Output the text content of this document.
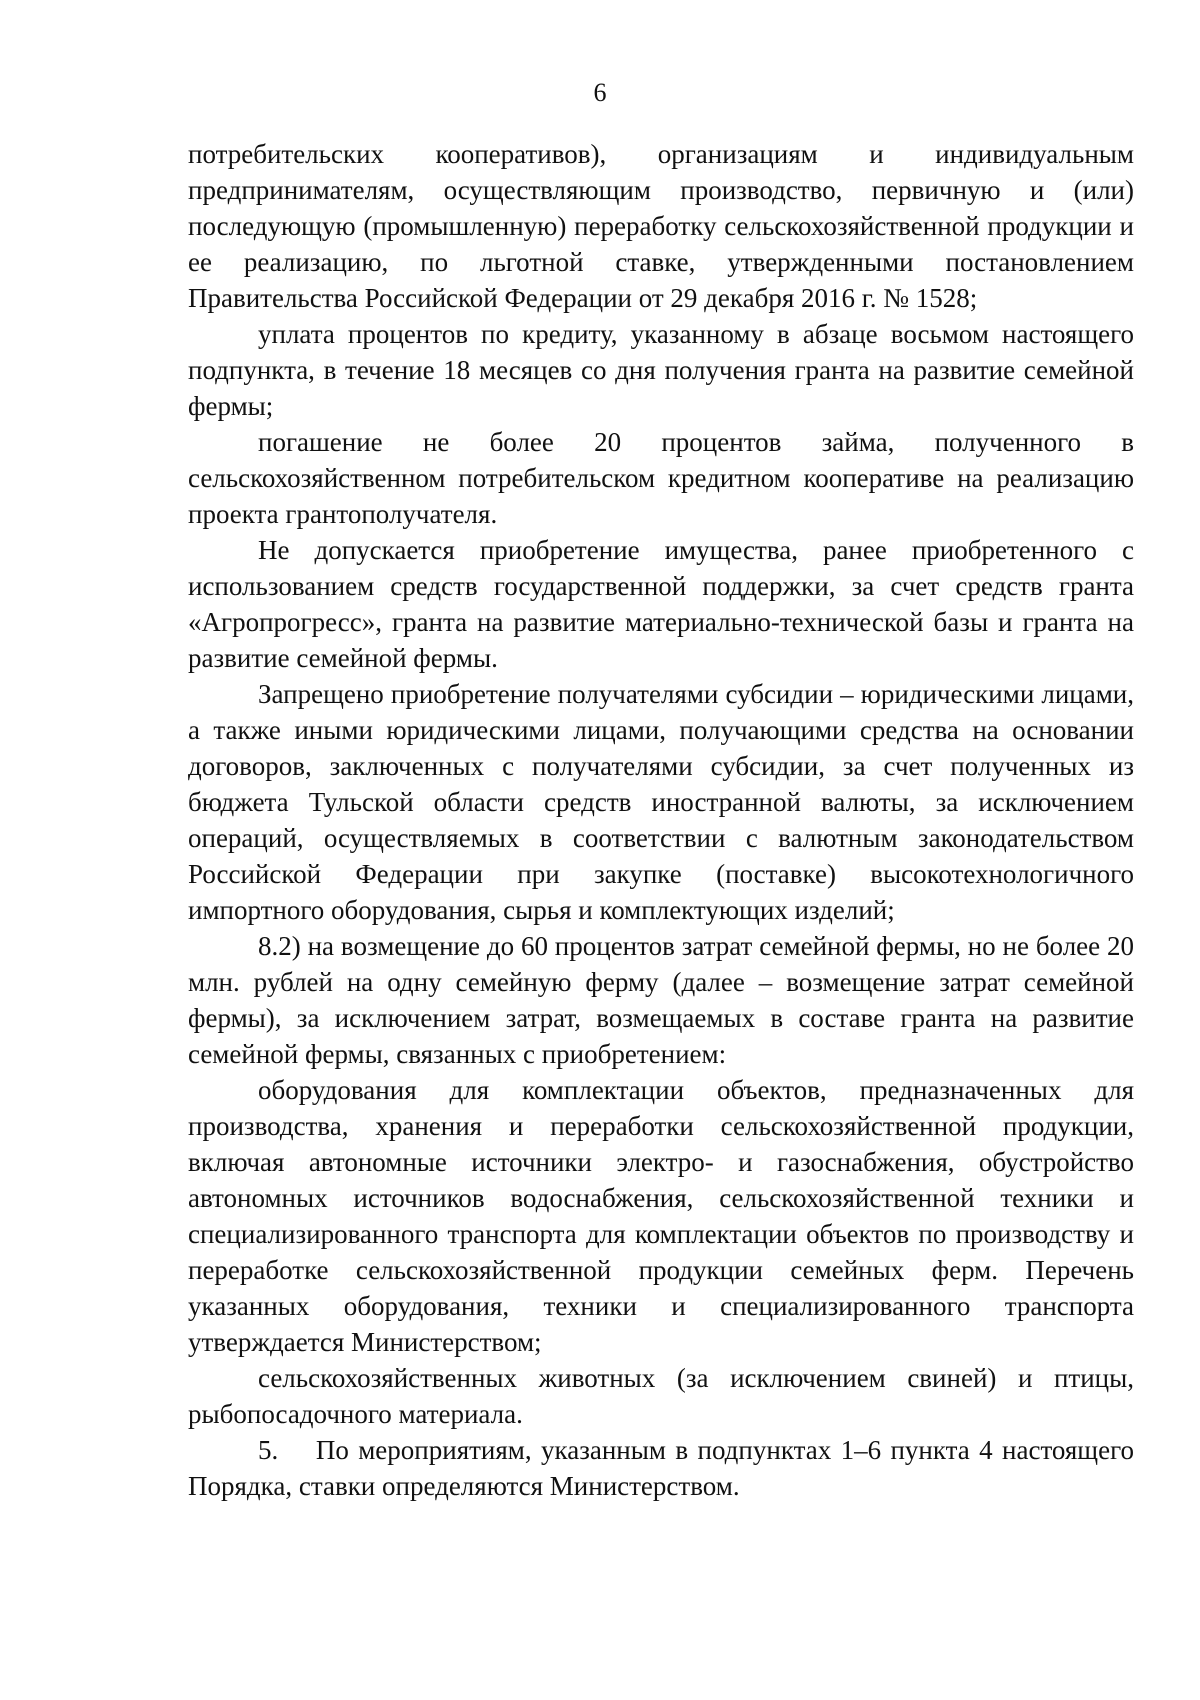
6

потребительских кооперативов), организациям и индивидуальным предпринимателям, осуществляющим производство, первичную и (или) последующую (промышленную) переработку сельскохозяйственной продукции и ее реализацию, по льготной ставке, утвержденными постановлением Правительства Российской Федерации от 29 декабря 2016 г. № 1528;

уплата процентов по кредиту, указанному в абзаце восьмом настоящего подпункта, в течение 18 месяцев со дня получения гранта на развитие семейной фермы;

погашение не более 20 процентов займа, полученного в сельскохозяйственном потребительском кредитном кооперативе на реализацию проекта грантополучателя.

Не допускается приобретение имущества, ранее приобретенного с использованием средств государственной поддержки, за счет средств гранта «Агропрогресс», гранта на развитие материально-технической базы и гранта на развитие семейной фермы.

Запрещено приобретение получателями субсидии – юридическими лицами, а также иными юридическими лицами, получающими средства на основании договоров, заключенных с получателями субсидии, за счет полученных из бюджета Тульской области средств иностранной валюты, за исключением операций, осуществляемых в соответствии с валютным законодательством Российской Федерации при закупке (поставке) высокотехнологичного импортного оборудования, сырья и комплектующих изделий;

8.2) на возмещение до 60 процентов затрат семейной фермы, но не более 20 млн. рублей на одну семейную ферму (далее – возмещение затрат семейной фермы), за исключением затрат, возмещаемых в составе гранта на развитие семейной фермы, связанных с приобретением:

оборудования для комплектации объектов, предназначенных для производства, хранения и переработки сельскохозяйственной продукции, включая автономные источники электро- и газоснабжения, обустройство автономных источников водоснабжения, сельскохозяйственной техники и специализированного транспорта для комплектации объектов по производству и переработке сельскохозяйственной продукции семейных ферм. Перечень указанных оборудования, техники и специализированного транспорта утверждается Министерством;

сельскохозяйственных животных (за исключением свиней) и птицы, рыбопосадочного материала.

5.    По мероприятиям, указанным в подпунктах 1–6 пункта 4 настоящего Порядка, ставки определяются Министерством.
